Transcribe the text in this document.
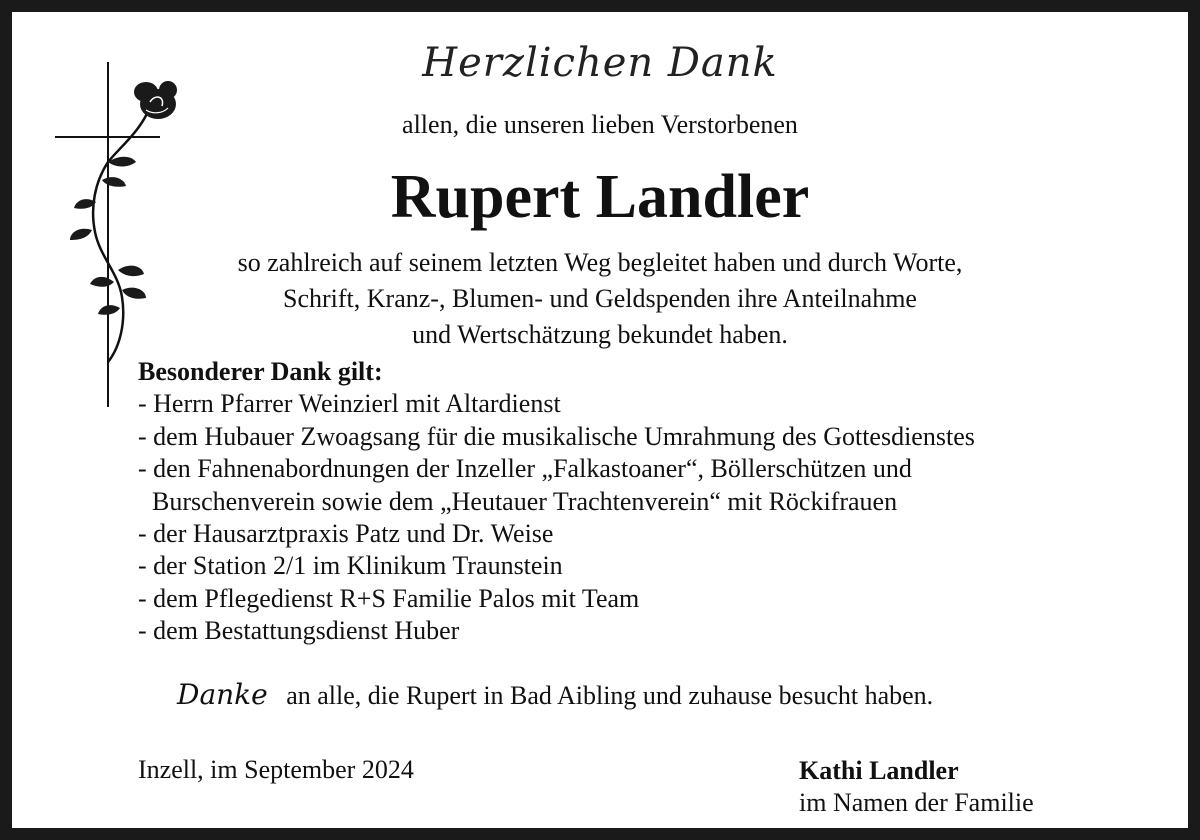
Herzlichen Dank
allen, die unseren lieben Verstorbenen
Rupert Landler
so zahlreich auf seinem letzten Weg begleitet haben und durch Worte,
Schrift, Kranz-, Blumen- und Geldspenden ihre Anteilnahme
und Wertschätzung bekundet haben.
Besonderer Dank gilt:
- Herrn Pfarrer Weinzierl mit Altardienst
- dem Hubauer Zwoagsang für die musikalische Umrahmung des Gottesdienstes
- den Fahnenabordnungen der Inzeller „Falkastoaner“, Böllerschützen und
Burschenverein sowie dem „Heutauer Trachtenverein“ mit Röckifrauen
- der Hausarztpraxis Patz und Dr. Weise
- der Station 2/1 im Klinikum Traunstein
- dem Pflegedienst R+S Familie Palos mit Team
- dem Bestattungsdienst Huber
Danke an alle, die Rupert in Bad Aibling und zuhause besucht haben.
Inzell, im September 2024	Kathi Landler
im Namen der Familie
